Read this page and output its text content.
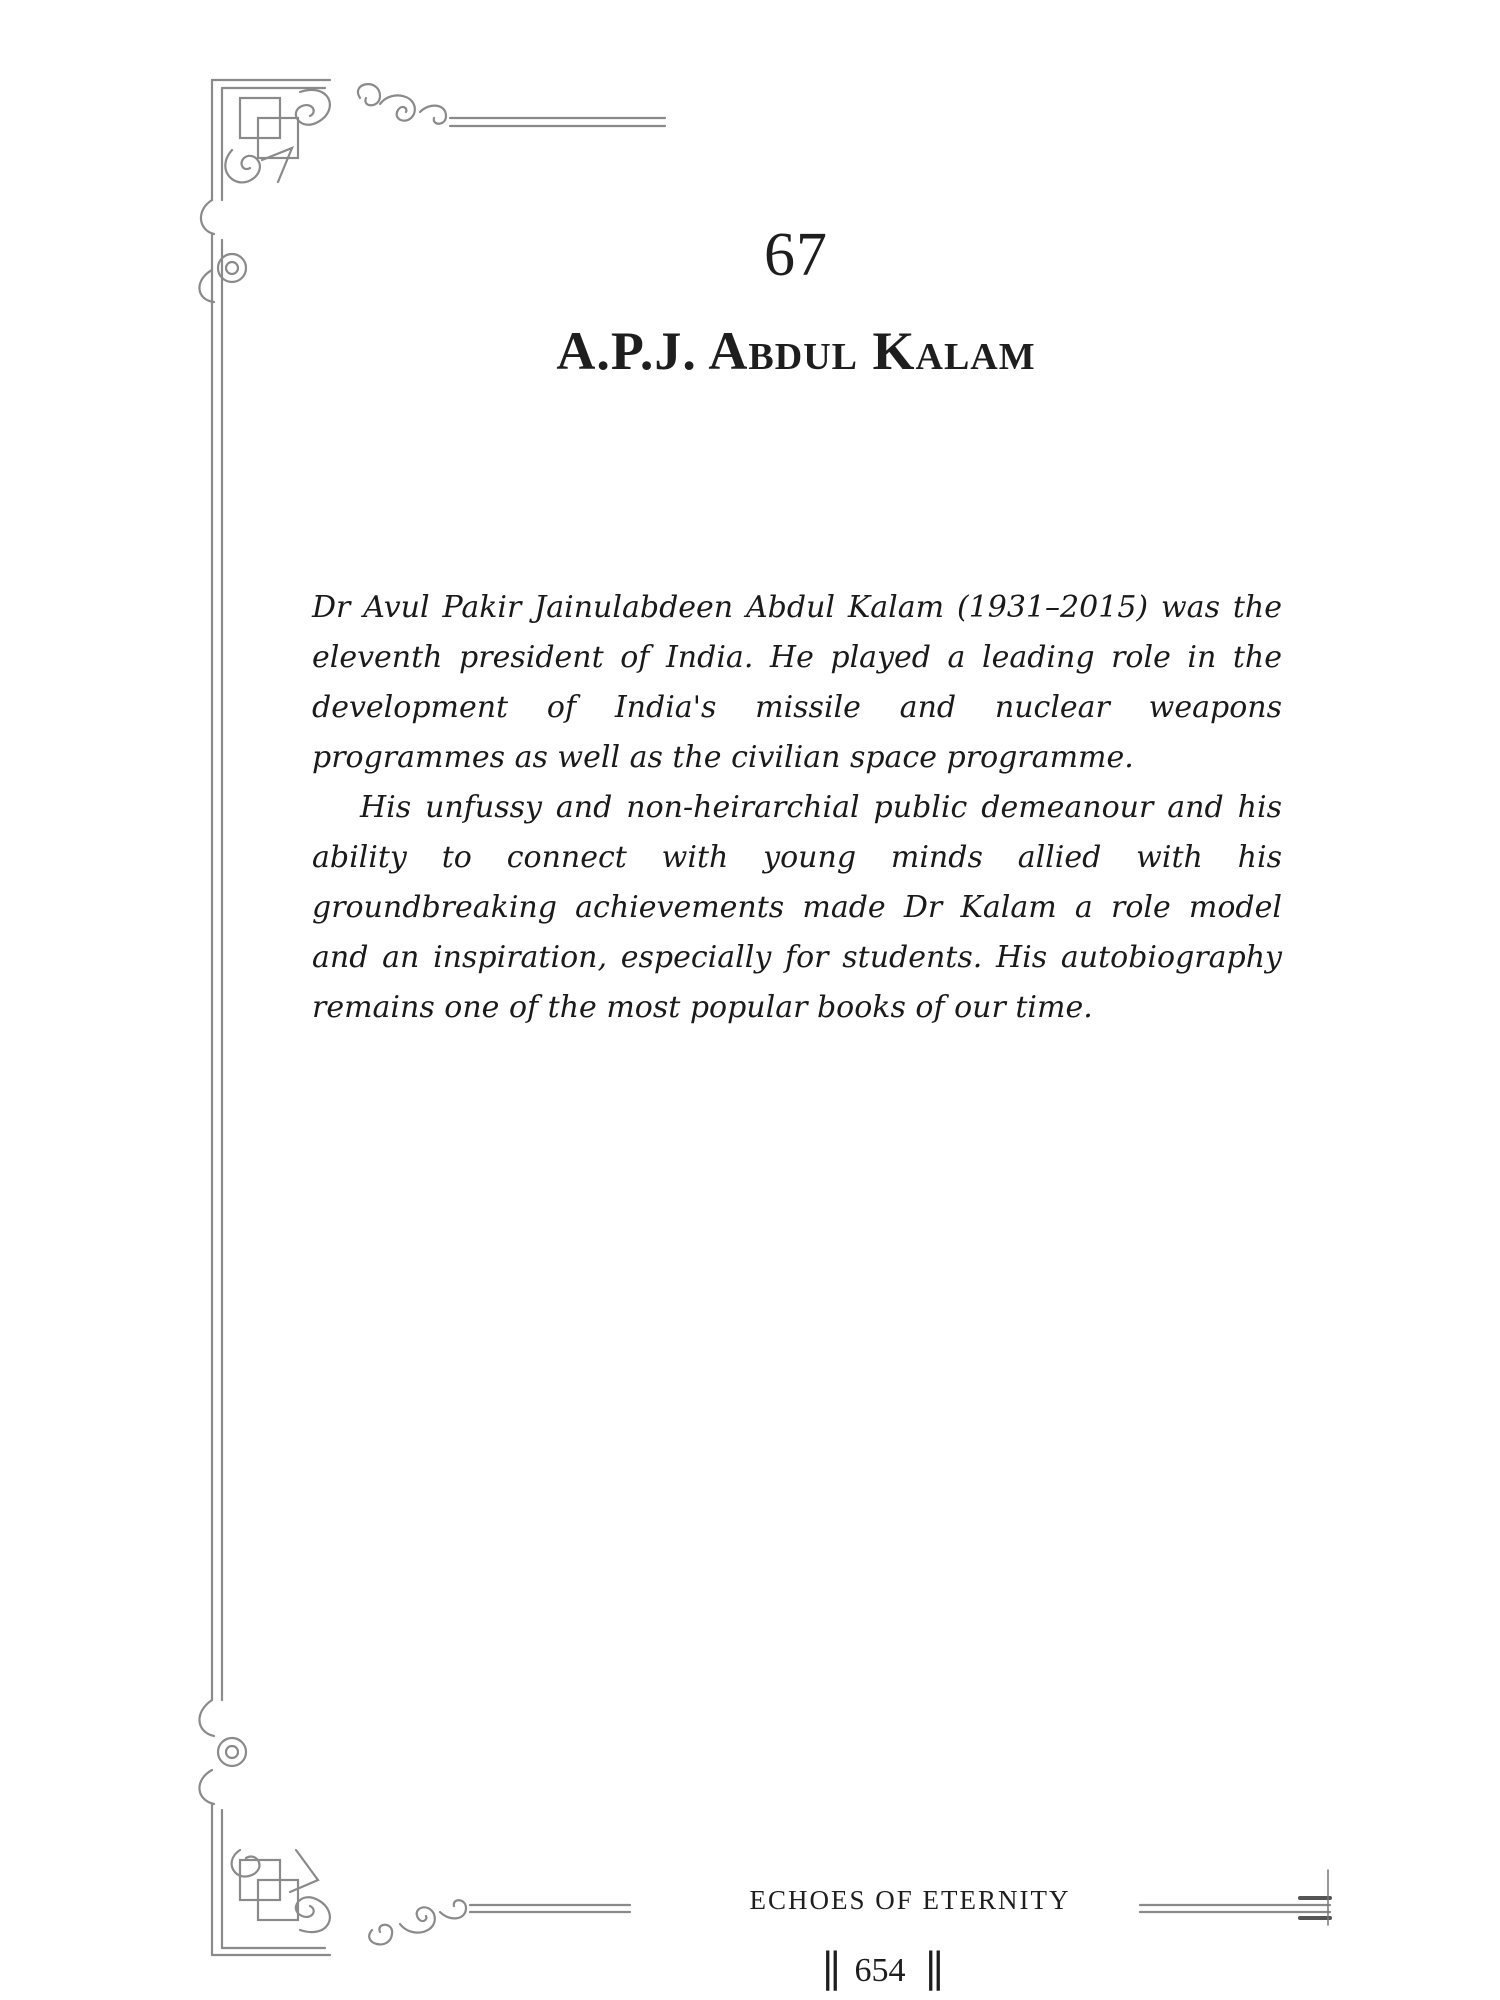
67
A.P.J. Abdul Kalam

Dr Avul Pakir Jainulabdeen Abdul Kalam (1931–2015) was the eleventh president of India. He played a leading role in the development of India's missile and nuclear weapons programmes as well as the civilian space programme.

His unfussy and non-heirarchial public demeanour and his ability to connect with young minds allied with his groundbreaking achievements made Dr Kalam a role model and an inspiration, especially for students. His autobiography remains one of the most popular books of our time.

ECHOES OF ETERNITY
|| 654 ||
